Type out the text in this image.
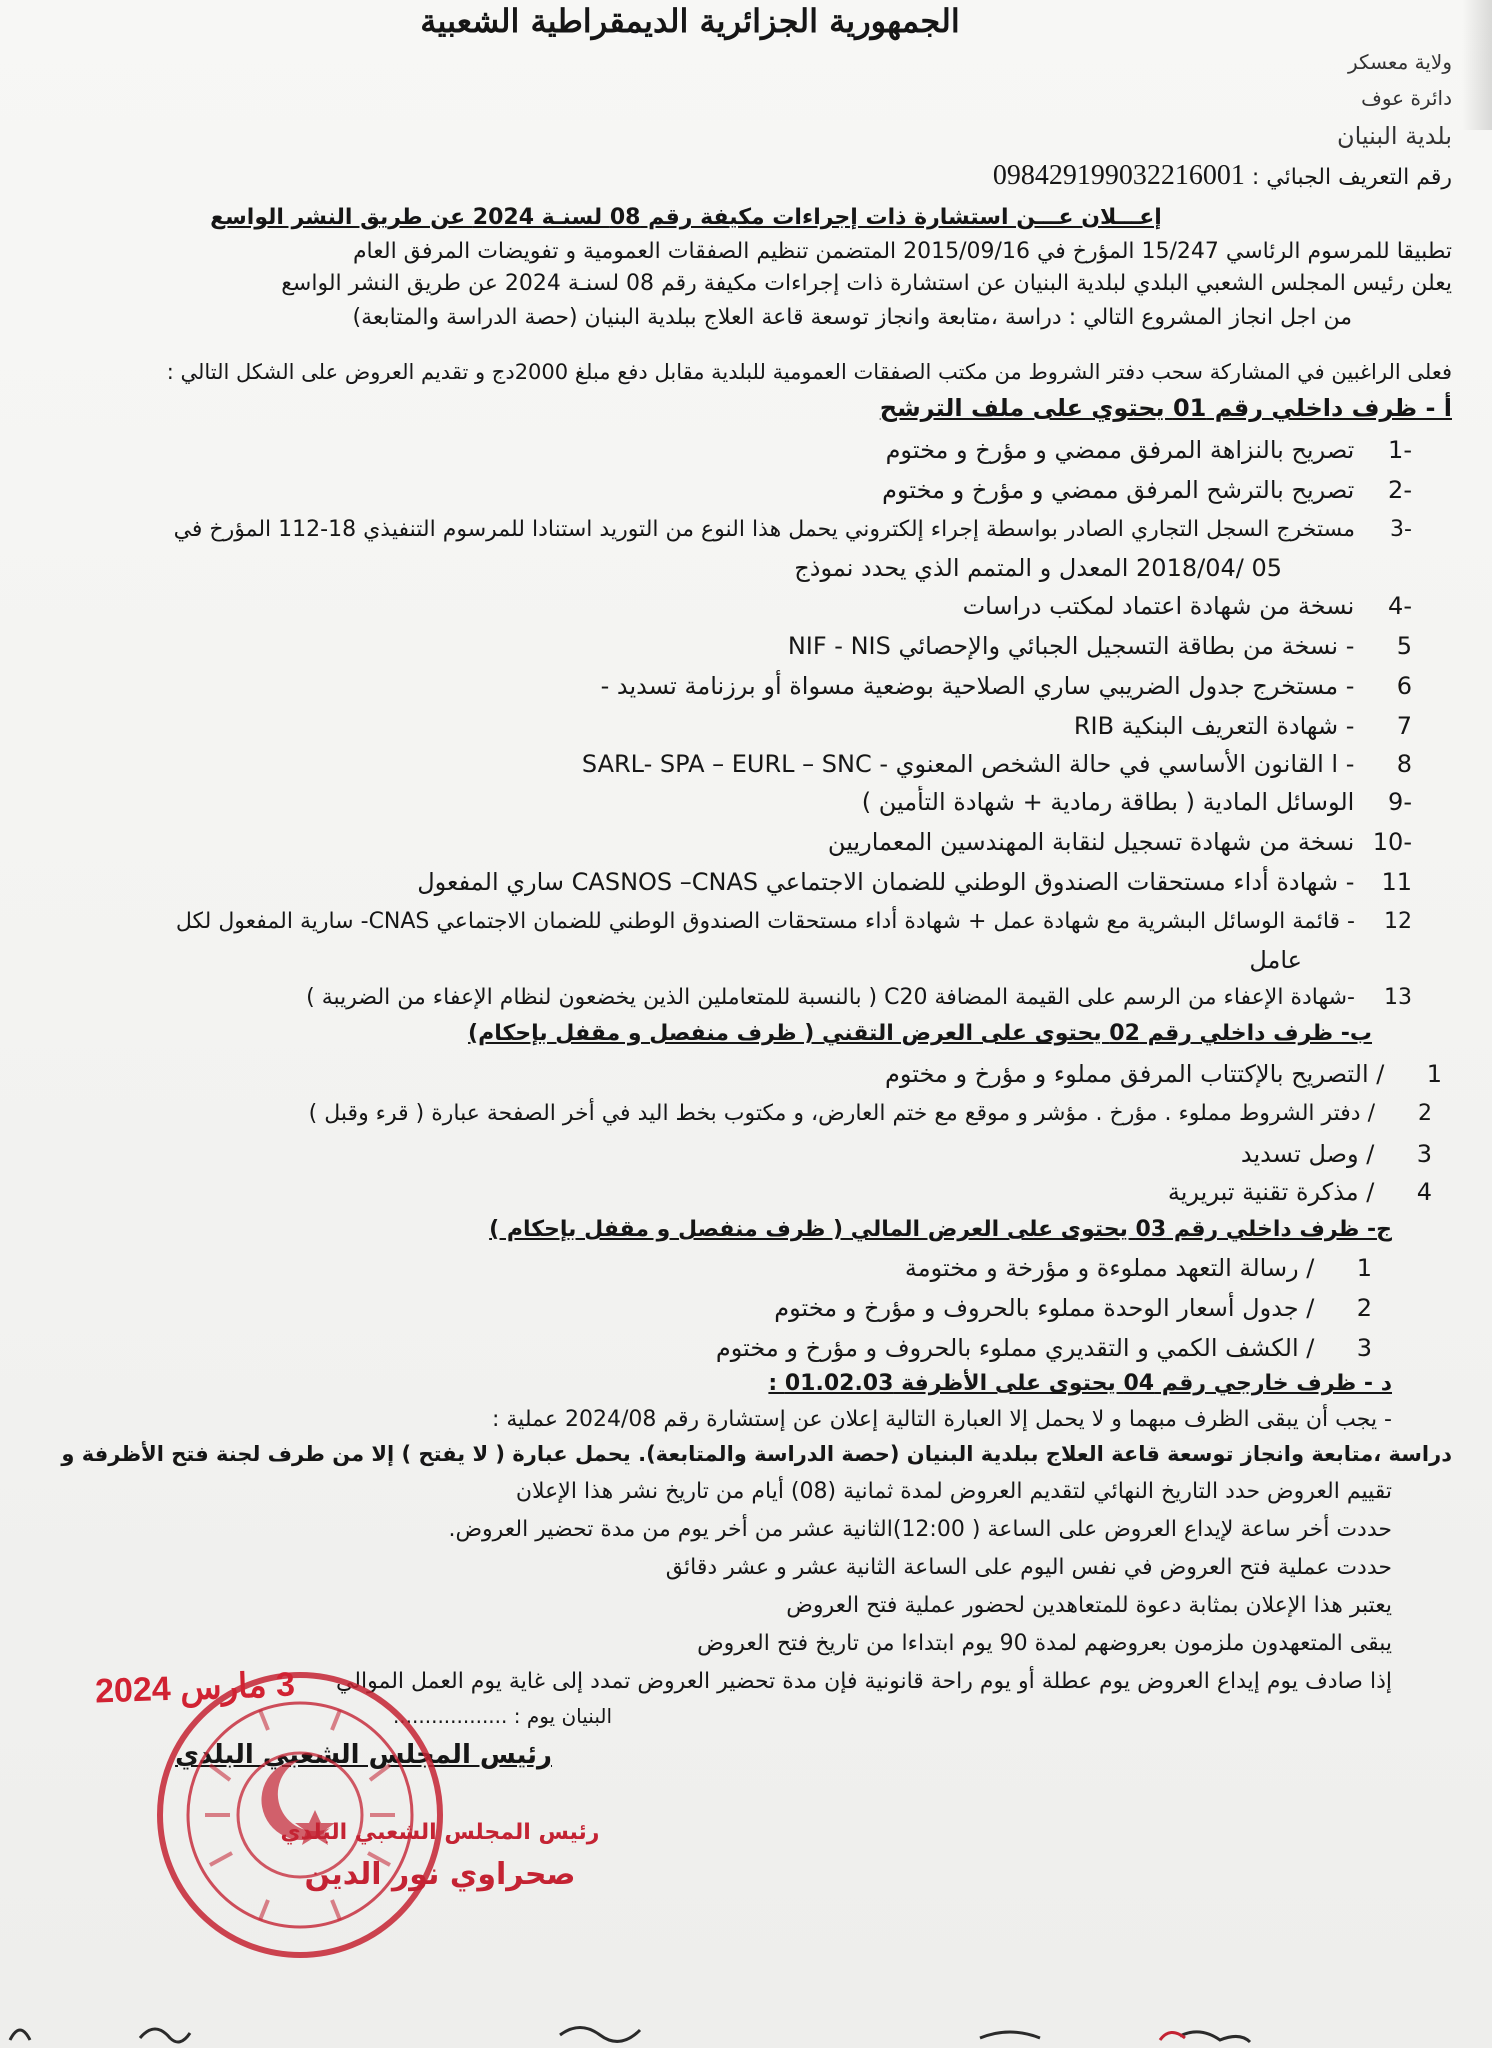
الجمهورية الجزائرية الديمقراطية الشعبية
ولاية معسكر
دائرة عوف
بلدية البنيان
رقم التعريف الجبائي : 098429199032216001
إعـــلان عـــن استشارة ذات إجراءات مكيفة رقم 08 لسنـة 2024 عن طريق النشر الواسع
تطبيقا للمرسوم الرئاسي 15/247 المؤرخ في 2015/09/16 المتضمن تنظيم الصفقات العمومية و تفويضات المرفق العام
يعلن رئيس المجلس الشعبي البلدي لبلدية البنيان عن استشارة ذات إجراءات مكيفة رقم 08 لسنـة 2024 عن طريق النشر الواسع
من اجل انجاز المشروع التالي : دراسة ،متابعة وانجاز توسعة قاعة العلاج ببلدية البنيان (حصة الدراسة والمتابعة)
فعلى الراغبين في المشاركة سحب دفتر الشروط من مكتب الصفقات العمومية للبلدية مقابل دفع مبلغ 2000دج و تقديم العروض على الشكل التالي :
أ - ظرف داخلي رقم 01 يحتوي على ملف الترشح
-1 تصريح بالنزاهة المرفق ممضي و مؤرخ و مختوم
-2 تصريح بالترشح المرفق ممضي و مؤرخ و مختوم
-3 مستخرج السجل التجاري الصادر بواسطة إجراء إلكتروني يحمل هذا النوع من التوريد استنادا للمرسوم التنفيذي 18-112 المؤرخ في
05 /2018/04 المعدل و المتمم الذي يحدد نموذج
-4 نسخة من شهادة اعتماد لمكتب دراسات
5 - نسخة من بطاقة التسجيل الجبائي والإحصائي NIF - NIS
6 - مستخرج جدول الضريبي ساري الصلاحية بوضعية مسواة أو برزنامة تسديد -
7 - شهادة التعريف البنكية RIB
8 - ا القانون الأساسي في حالة الشخص المعنوي - SARL- SPA – EURL – SNC
-9 الوسائل المادية ( بطاقة رمادية + شهادة التأمين )
-10 نسخة من شهادة تسجيل لنقابة المهندسين المعماريين
11 - شهادة أداء مستحقات الصندوق الوطني للضمان الاجتماعي CASNOS –CNAS ساري المفعول
12 - قائمة الوسائل البشرية مع شهادة عمل + شهادة أداء مستحقات الصندوق الوطني للضمان الاجتماعي CNAS- سارية المفعول لكل
عامل
13 -شهادة الإعفاء من الرسم على القيمة المضافة C20 ( بالنسبة للمتعاملين الذين يخضعون لنظام الإعفاء من الضريبة )
ب- ظرف داخلي رقم 02 يحتوى على العرض التقني ( ظرف منفصل و مقفل بإحكام)
1 / التصريح بالإكتتاب المرفق مملوء و مؤرخ و مختوم
2 / دفتر الشروط مملوء . مؤرخ . مؤشر و موقع مع ختم العارض، و مكتوب بخط اليد في أخر الصفحة عبارة ( قرء وقبل )
3 / وصل تسديد
4 / مذكرة تقنية تبريرية
ج- ظرف داخلي رقم 03 يحتوى على العرض المالي ( ظرف منفصل و مقفل بإحكام )
1 / رسالة التعهد مملوءة و مؤرخة و مختومة
2 / جدول أسعار الوحدة مملوء بالحروف و مؤرخ و مختوم
3 / الكشف الكمي و التقديري مملوء بالحروف و مؤرخ و مختوم
د - ظرف خارجي رقم 04 يحتوى على الأظرفة 01.02.03 :
- يجب أن يبقى الظرف مبهما و لا يحمل إلا العبارة التالية إعلان عن إستشارة رقم 2024/08 عملية :
دراسة ،متابعة وانجاز توسعة قاعة العلاج ببلدية البنيان (حصة الدراسة والمتابعة). يحمل عبارة ( لا يفتح ) إلا من طرف لجنة فتح الأظرفة و
تقييم العروض حدد التاريخ النهائي لتقديم العروض لمدة ثمانية (08) أيام من تاريخ نشر هذا الإعلان
حددت أخر ساعة لإيداع العروض على الساعة ( 12:00)الثانية عشر من أخر يوم من مدة تحضير العروض.
حددت عملية فتح العروض في نفس اليوم على الساعة الثانية عشر و عشر دقائق
يعتبر هذا الإعلان بمثابة دعوة للمتعاهدين لحضور عملية فتح العروض
يبقى المتعهدون ملزمون بعروضهم لمدة 90 يوم ابتداءا من تاريخ فتح العروض
إذا صادف يوم إيداع العروض يوم عطلة أو يوم راحة قانونية فإن مدة تحضير العروض تمدد إلى غاية يوم العمل الموالي
البنيان يوم : ..................
رئيس المجلس الشعبي البلدي
3 مارس 2024
رئيس المجلس الشعبي البلدي
صحراوي نور الدين
